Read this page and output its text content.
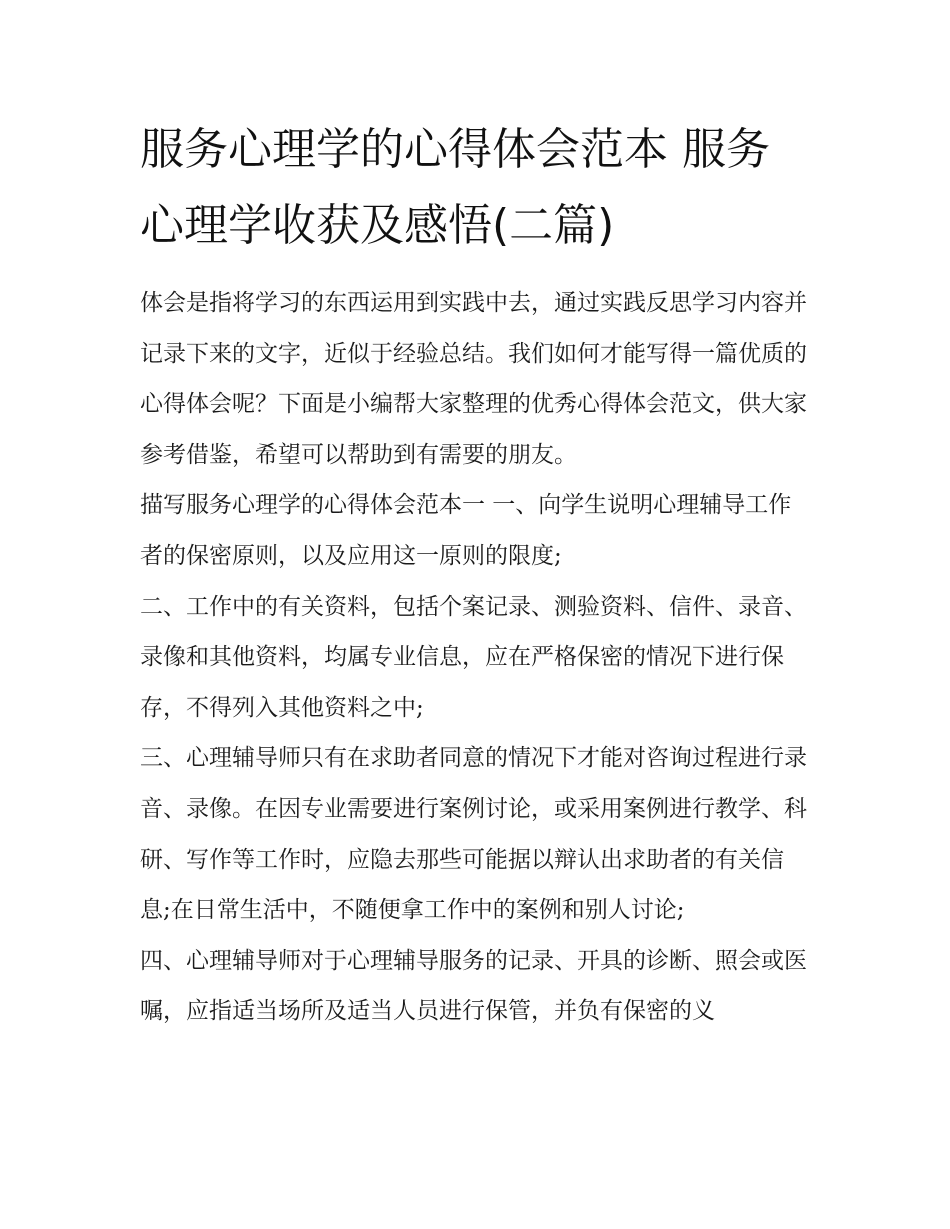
服务心理学的心得体会范本 服务心理学收获及感悟(二篇)

体会是指将学习的东西运用到实践中去，通过实践反思学习内容并记录下来的文字，近似于经验总结。我们如何才能写得一篇优质的心得体会呢？下面是小编帮大家整理的优秀心得体会范文，供大家参考借鉴，希望可以帮助到有需要的朋友。

描写服务心理学的心得体会范本一 一、向学生说明心理辅导工作者的保密原则，以及应用这一原则的限度;

二、工作中的有关资料，包括个案记录、测验资料、信件、录音、录像和其他资料，均属专业信息，应在严格保密的情况下进行保存，不得列入其他资料之中;

三、心理辅导师只有在求助者同意的情况下才能对咨询过程进行录音、录像。在因专业需要进行案例讨论，或采用案例进行教学、科研、写作等工作时，应隐去那些可能据以辩认出求助者的有关信息;在日常生活中，不随便拿工作中的案例和别人讨论;

四、心理辅导师对于心理辅导服务的记录、开具的诊断、照会或医嘱，应指适当场所及适当人员进行保管，并负有保密的义
